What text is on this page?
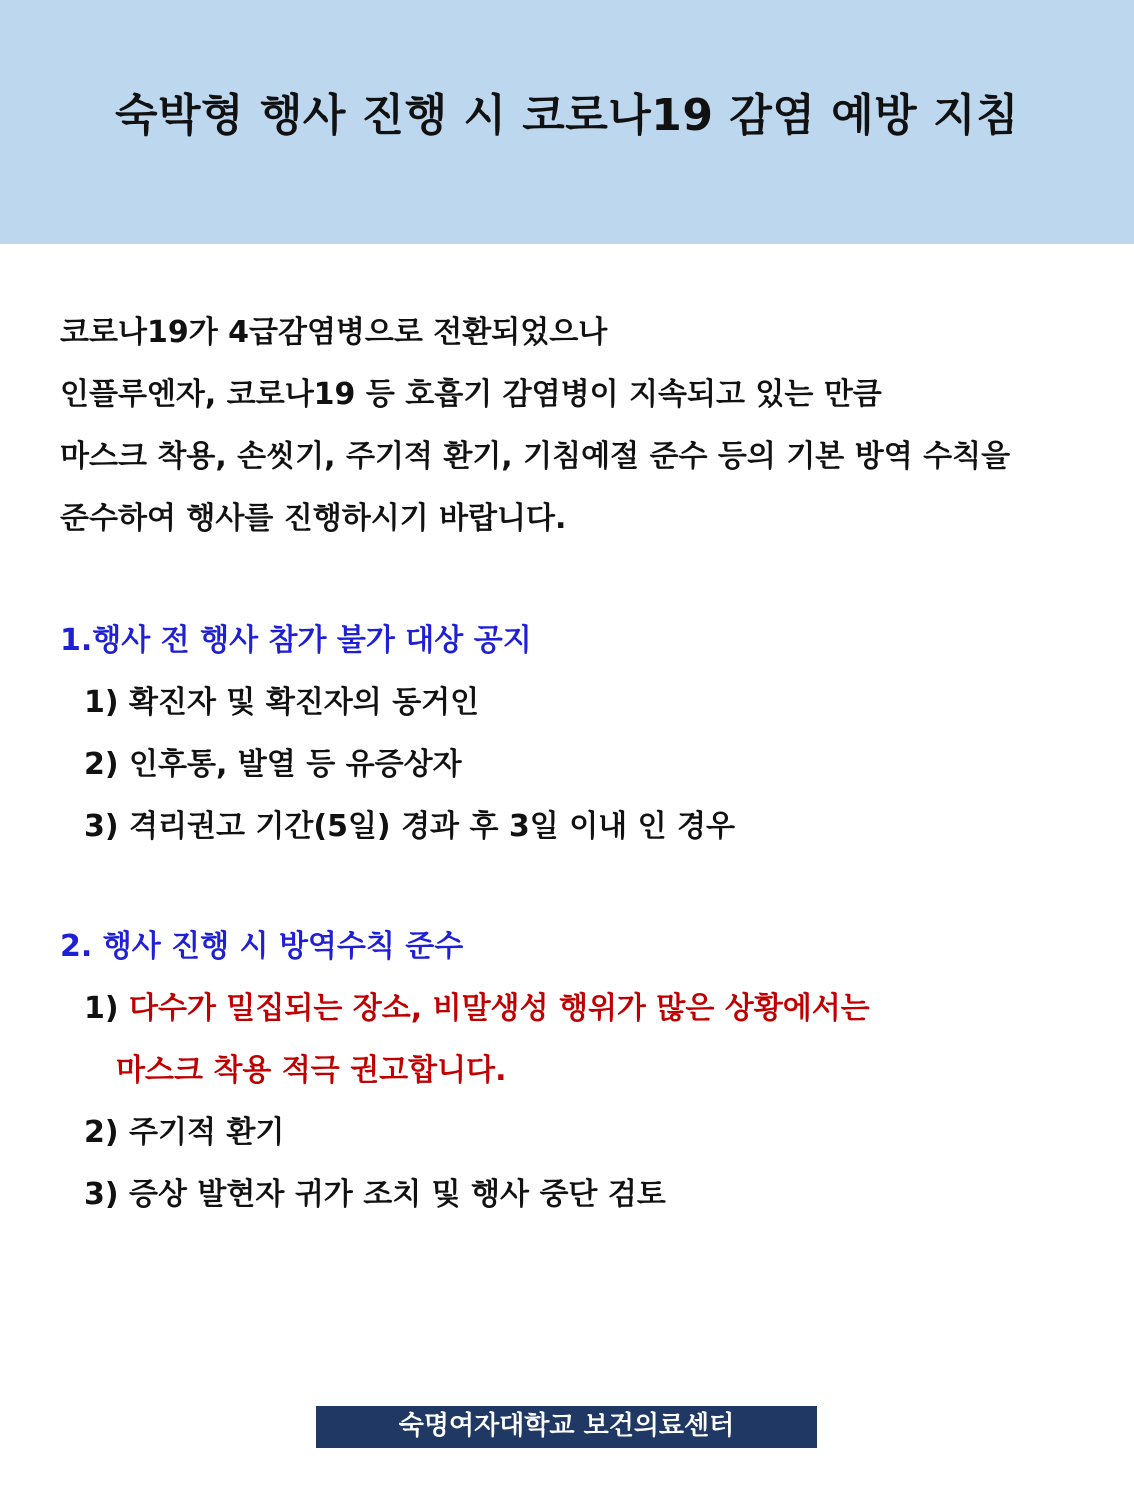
숙박형 행사 진행 시 코로나19 감염 예방 지침
코로나19가 4급감염병으로 전환되었으나
인플루엔자, 코로나19 등 호흡기 감염병이 지속되고 있는 만큼
마스크 착용, 손씻기, 주기적 환기, 기침예절 준수 등의 기본 방역 수칙을
준수하여 행사를 진행하시기 바랍니다.
1.행사 전 행사 참가 불가 대상 공지
1) 확진자 및 확진자의 동거인
2) 인후통, 발열 등 유증상자
3) 격리권고 기간(5일) 경과 후 3일 이내 인 경우
2. 행사 진행 시 방역수칙 준수
1) 다수가 밀집되는 장소, 비말생성 행위가 많은 상황에서는
마스크 착용 적극 권고합니다.
2) 주기적 환기
3) 증상 발현자 귀가 조치 및 행사 중단 검토
숙명여자대학교 보건의료센터
